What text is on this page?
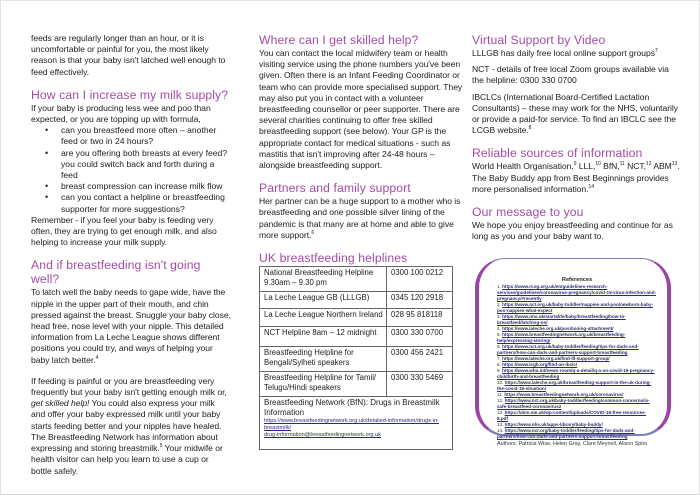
feeds are regularly longer than an hour, or it is uncomfortable or painful for you, the most likely reason is that your baby isn't latched well enough to feed effectively.

How can I increase my milk supply?

If your baby is producing less wee and poo than expected, or you are topping up with formula,

• can you breastfeed more often – another feed or two in 24 hours?
• are you offering both breasts at every feed? you could switch back and forth during a feed
• breast compression can increase milk flow
• can you contact a helpline or breastfeeding supporter for more suggestions?

Remember - if you feel your baby is feeding very often, they are trying to get enough milk, and also helping to increase your milk supply.

And if breastfeeding isn't going well?

To latch well the baby needs to gape wide, have the nipple in the upper part of their mouth, and chin pressed against the breast. Snuggle your baby close, head free, nose level with your nipple. This detailed information from La Leche League shows different positions you could try, and ways of helping your baby latch better.$^4$

If feeding is painful or you are breastfeeding very frequently but your baby isn't getting enough milk or, get skilled help! You could also express your milk and offer your baby expressed milk until your baby starts feeding better and your nipples have healed. The Breastfeeding Network has information about expressing and storing breastmilk.$^5$ Your midwife or health visitor can help you learn to use a cup or bottle safely.

Where can I get skilled help?

You can contact the local midwifery team or health visiting service using the phone numbers you've been given. Often there is an Infant Feeding Coordinator or team who can provide more specialised support. They may also put you in contact with a volunteer breastfeeding counsellor or peer supporter. There are several charities continuing to offer free skilled breastfeeding support (see below). Your GP is the appropriate contact for medical situations - such as mastitis that isn't improving after 24-48 hours – alongside breastfeeding support.

Partners and family support

Her partner can be a huge support to a mother who is breastfeeding and one possible silver lining of the pandemic is that many are at home and able to give more support.$^6$

UK breastfeeding helplines
National Breastfeeding Helpline 9.30am – 9.30 pm	0300 100 0212
La Leche League GB (LLLGB)	0345 120 2918
La Leche League Northern Ireland	028 95 818118
NCT Helpline 8am – 12 midnight	0300 330 0700
Breastfeeding Helpline for Bengali/Sylheti speakers	0300 456 2421
Breastfeeding Helpline for Tamil/ Telugu/Hindi speakers	0300 330 5469

Breastfeeding Network (BfN): Drugs in Breastmilk Information
https://www.breastfeedingnetwork.org.uk/detailed-information/drugs-in-breastmilk/
drug-information@breastfeedingnetwork.org.uk	
Virtual Support by Video

LLLGB has daily free local online support groups$^7$

NCT - details of free local Zoom groups available via the helpline: 0300 330 0700

IBCLCs (International Board-Certified Lactation Consultants) – these may work for the NHS, voluntarily or provide a paid-for service. To find an IBCLC see the LCGB website.$^8$

Reliable sources of information

World Health Organisation,$^9$ LLL,$^{10}$ BfN,$^{11}$ NCT,$^{12}$ ABM$^{13}$. The Baby Buddy app from Best Beginnings provides more personalised information.$^{14}$

Our message to you

We hope you enjoy breastfeeding and continue for as long as you and your baby want to.

References
1. https://www.rcog.org.uk/en/guidelines-research-services/guidelines/coronavirus-pregnancy/covid-19-virus-infection-and-pregnancy/#recently
2. https://www.nct.org.uk/baby-toddler/nappies-and-poo/newborn-baby-poo-nappies-what-expect
3. https://www.nhs.uk/start4life/baby/breastfeeding/how-to-breastfeed/latching-on/
4. https://www.laleche.org.uk/positioning-attachment/
5. https://www.breastfeedingnetwork.org.uk/breastfeeding-help/expressing-storing/
6. https://www.nct.org.uk/baby-toddler/feeding/tips-for-dads-and-partners/how-can-dads-and-partners-support-breastfeeding
7. https://www.laleche.org.uk/find-lll-support-group/
8. https://www.lcgb.org/find-an-ibclc/
9. https://www.who.int/news-room/q-a-detail/q-a-on-covid-19-pregnancy-childbirth-and-breastfeeding
10. https://www.laleche.org.uk/breastfeeding-support-in-the-uk-during-the-covid-19-situation/
11. https://www.breastfeedingnetwork.org.uk/coronavirus/
12. https://www.nct.org.uk/baby-toddler/feeding/common-concerns/is-safe-breastfeed-coronavirus2
13. https://abm.me.uk/wp-content/uploads/COVID-19-free-resources-8.pdf
13. https://www.nhs.uk/apps-library/baby-buddy/
14. https://www.nct.org/baby-toddler/feeding/tips-for-dads-and-partners/how-can-dads-and-partners-support-breastfeeding
Authors: Patricia Wise, Helen Gray, Clare Meynell, Alison Spiro
